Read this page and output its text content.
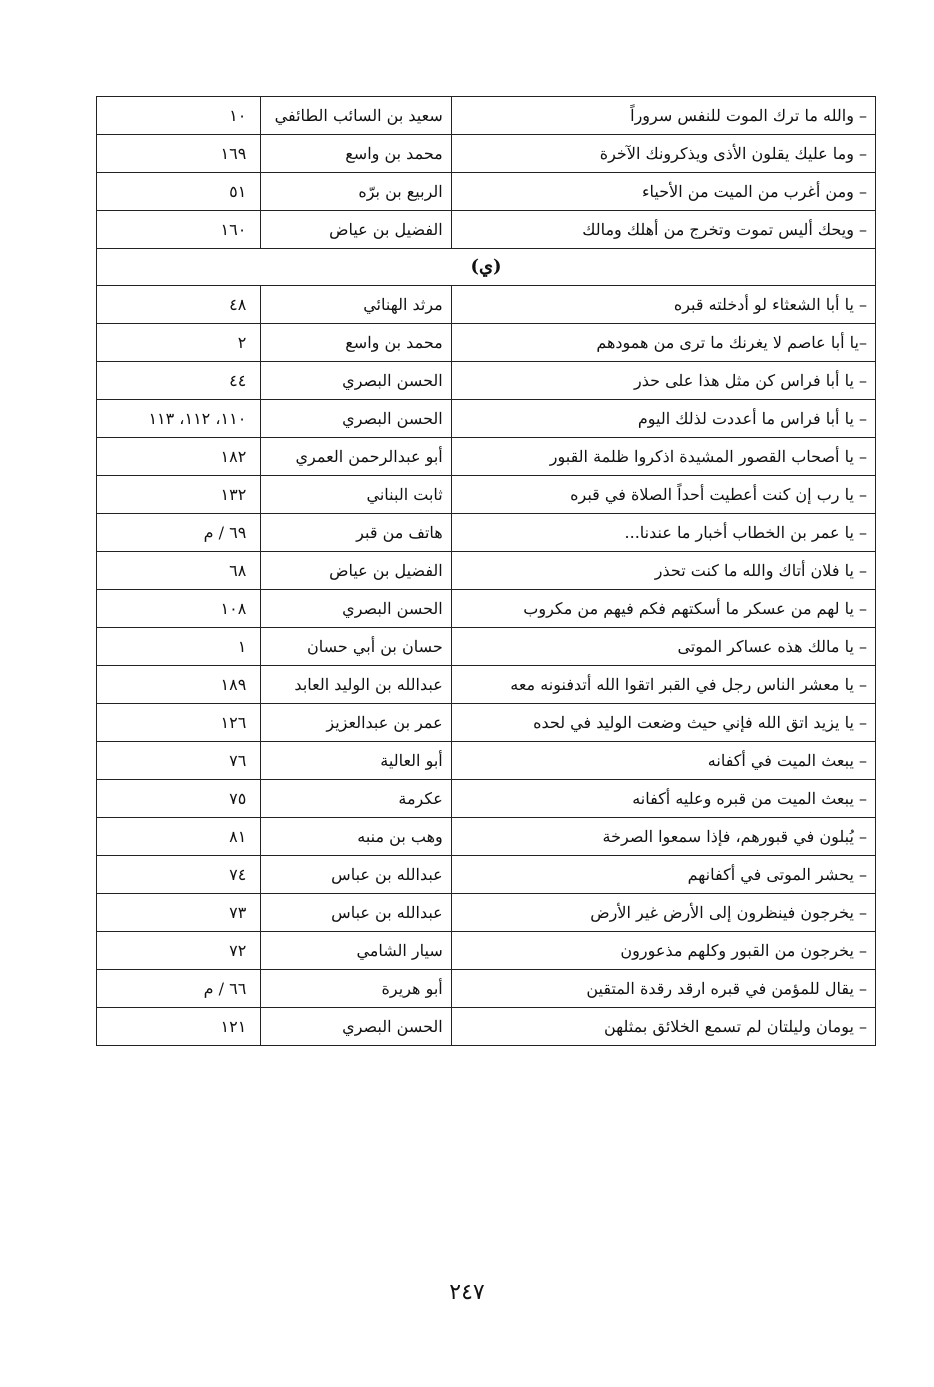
– والله ما ترك الموت للنفس سروراً	سعيد بن السائب الطائفي	١٠
– وما عليك يقلون الأذى ويذكرونك الآخرة	محمد بن واسع	١٦٩
– ومن أغرب من الميت من الأحياء	الربيع بن برّه	٥١
– ويحك أليس تموت وتخرج من أهلك ومالك	الفضيل بن عياض	١٦٠
(ي)		
– يا أبا الشعثاء لو أدخلته قبره	مرثد الهنائي	٤٨
–يا أبا عاصم لا يغرنك ما ترى من همودهم	محمد بن واسع	٢
– يا أبا فراس كن مثل هذا على حذر	الحسن البصري	٤٤
– يا أبا فراس ما أعددت لذلك اليوم	الحسن البصري	١١٠، ١١٢، ١١٣
– يا أصحاب القصور المشيدة اذكروا ظلمة القبور	أبو عبدالرحمن العمري	١٨٢
– يا رب إن كنت أعطيت أحداً الصلاة في قبره	ثابت البناني	١٣٢
– يا عمر بن الخطاب أخبار ما عندنا...	هاتف من قبر	٦٩ / م
– يا فلان أتاك والله ما كنت تحذر	الفضيل بن عياض	٦٨
– يا لهم من عسكر ما أسكتهم فكم فيهم من مكروب	الحسن البصري	١٠٨
– يا مالك هذه عساكر الموتى	حسان بن أبي حسان	١
– يا معشر الناس رجل في القبر اتقوا الله أتدفنونه معه	عبدالله بن الوليد العابد	١٨٩
– يا يزيد اتق الله فإني حيث وضعت الوليد في لحده	عمر بن عبدالعزيز	١٢٦
– يبعث الميت في أكفانه	أبو العالية	٧٦
– يبعث الميت من قبره وعليه أكفانه	عكرمة	٧٥
– يُبلون في قبورهم، فإذا سمعوا الصرخة	وهب بن منبه	٨١
– يحشر الموتى في أكفانهم	عبدالله بن عباس	٧٤
– يخرجون فينظرون إلى الأرض غير الأرض	عبدالله بن عباس	٧٣
– يخرجون من القبور وكلهم مذعورون	سيار الشامي	٧٢
– يقال للمؤمن في قبره ارقد رقدة المتقين	أبو هريرة	٦٦ / م
– يومان وليلتان لم تسمع الخلائق بمثلهن	الحسن البصري	١٢١
٢٤٧
